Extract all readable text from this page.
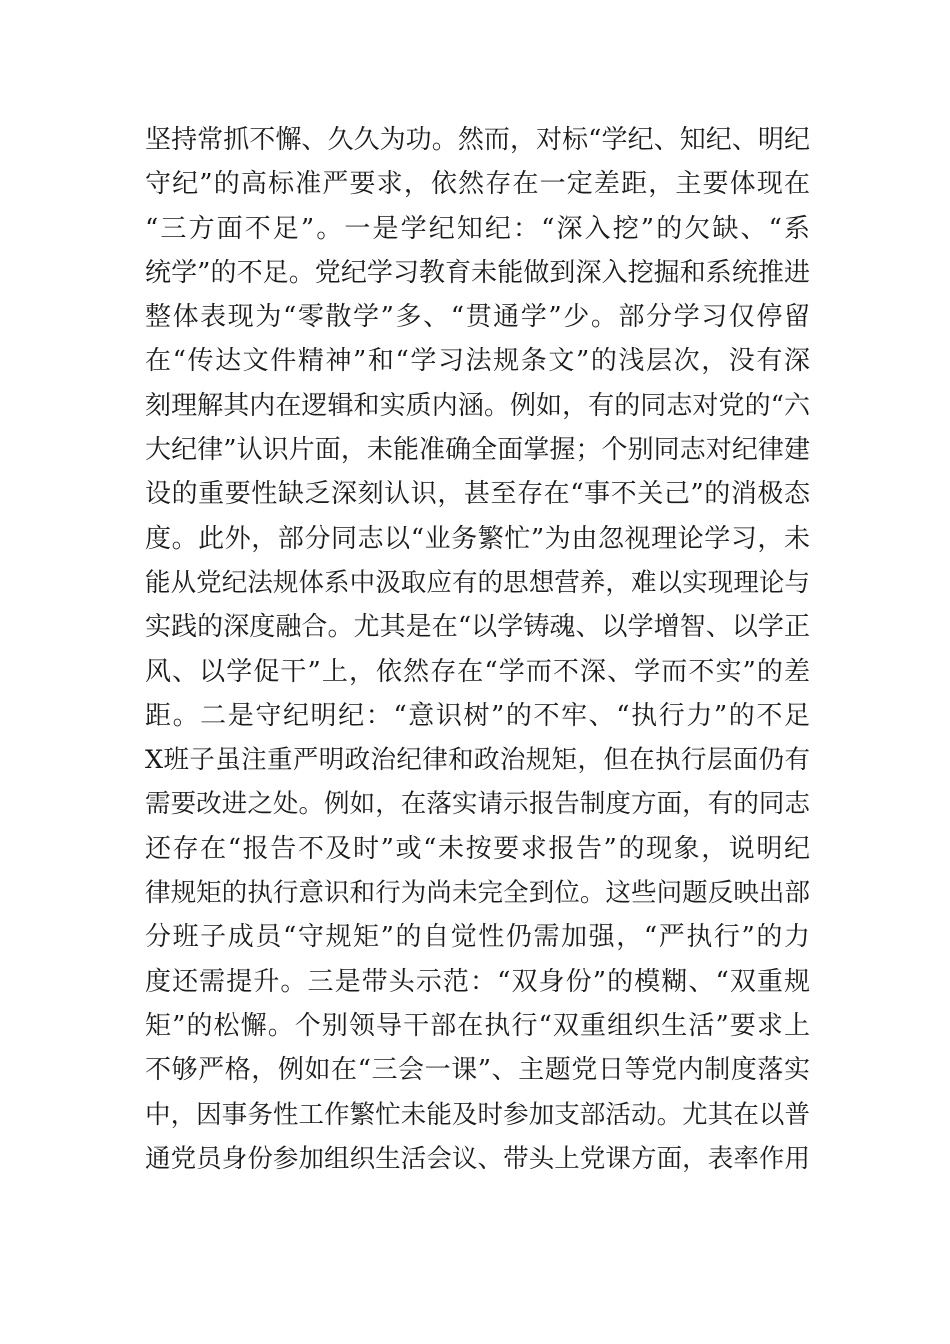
坚持常抓不懈、久久为功。然而，对标“学纪、知纪、明纪
守纪”的高标准严要求，依然存在一定差距，主要体现在
“三方面不足”。一是学纪知纪：“深入挖”的欠缺、“系
统学”的不足。党纪学习教育未能做到深入挖掘和系统推进
整体表现为“零散学”多、“贯通学”少。部分学习仅停留
在“传达文件精神”和“学习法规条文”的浅层次，没有深
刻理解其内在逻辑和实质内涵。例如，有的同志对党的“六
大纪律”认识片面，未能准确全面掌握；个别同志对纪律建
设的重要性缺乏深刻认识，甚至存在“事不关己”的消极态
度。此外，部分同志以“业务繁忙”为由忽视理论学习，未
能从党纪法规体系中汲取应有的思想营养，难以实现理论与
实践的深度融合。尤其是在“以学铸魂、以学增智、以学正
风、以学促干”上，依然存在“学而不深、学而不实”的差
距。二是守纪明纪：“意识树”的不牢、“执行力”的不足
X班子虽注重严明政治纪律和政治规矩，但在执行层面仍有
需要改进之处。例如，在落实请示报告制度方面，有的同志
还存在“报告不及时”或“未按要求报告”的现象，说明纪
律规矩的执行意识和行为尚未完全到位。这些问题反映出部
分班子成员“守规矩”的自觉性仍需加强，“严执行”的力
度还需提升。三是带头示范：“双身份”的模糊、“双重规
矩”的松懈。个别领导干部在执行“双重组织生活”要求上
不够严格，例如在“三会一课”、主题党日等党内制度落实
中，因事务性工作繁忙未能及时参加支部活动。尤其在以普
通党员身份参加组织生活会议、带头上党课方面，表率作用
